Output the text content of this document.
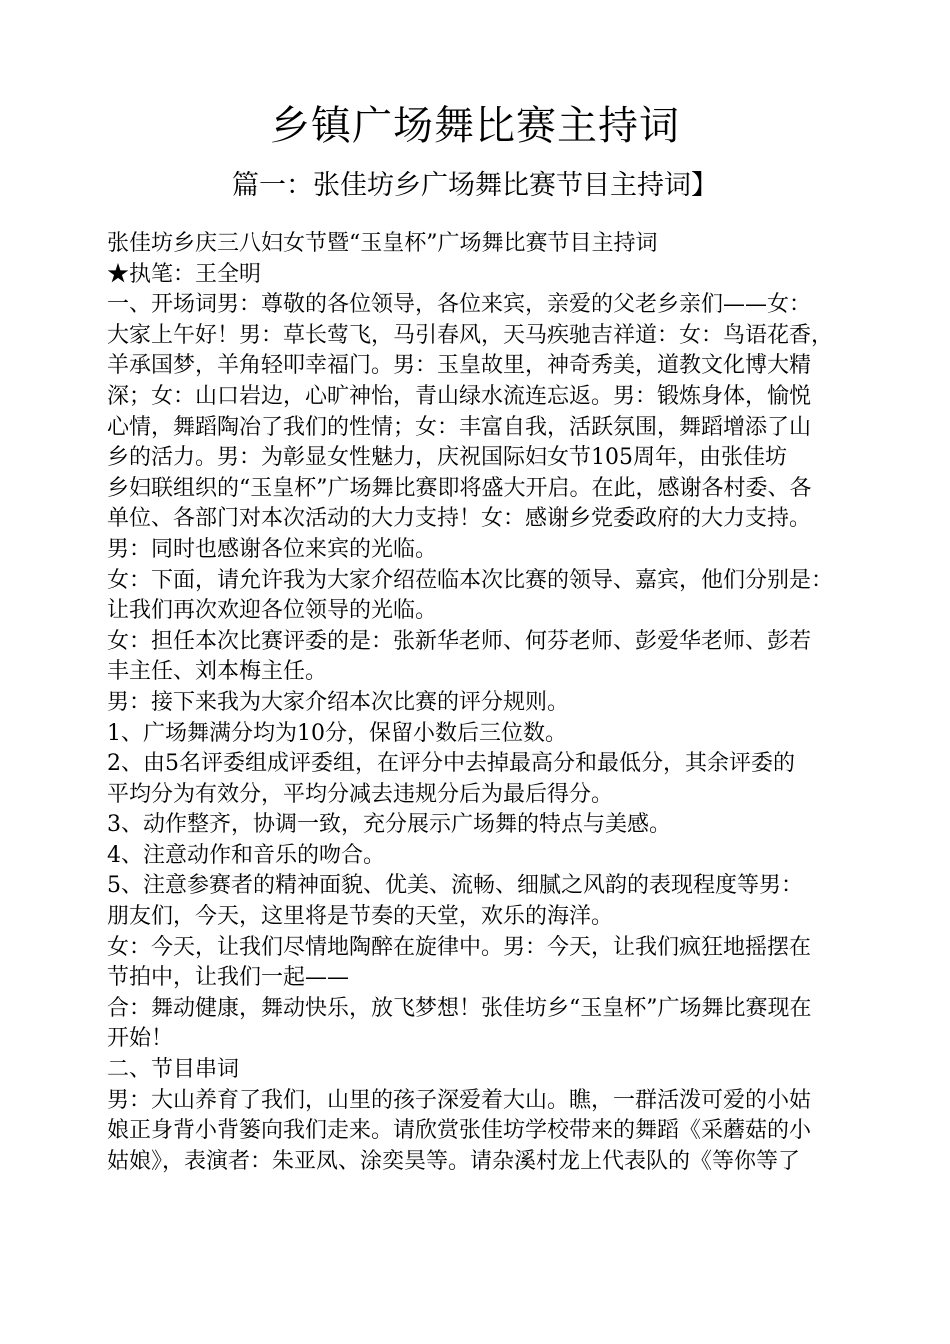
乡镇广场舞比赛主持词
篇一：张佳坊乡广场舞比赛节目主持词】
张佳坊乡庆三八妇女节暨“玉皇杯”广场舞比赛节目主持词
★执笔：王全明
一、开场词男：尊敬的各位领导，各位来宾，亲爱的父老乡亲们——女：
大家上午好！男：草长莺飞，马引春风，天马疾驰吉祥道：女：鸟语花香，
羊承国梦，羊角轻叩幸福门。男：玉皇故里，神奇秀美，道教文化博大精
深；女：山口岩边，心旷神怡，青山绿水流连忘返。男：锻炼身体，愉悦
心情，舞蹈陶冶了我们的性情；女：丰富自我，活跃氛围，舞蹈增添了山
乡的活力。男：为彰显女性魅力，庆祝国际妇女节105周年，由张佳坊
乡妇联组织的“玉皇杯”广场舞比赛即将盛大开启。在此，感谢各村委、各
单位、各部门对本次活动的大力支持！女：感谢乡党委政府的大力支持。
男：同时也感谢各位来宾的光临。
女：下面，请允许我为大家介绍莅临本次比赛的领导、嘉宾，他们分别是：
让我们再次欢迎各位领导的光临。
女：担任本次比赛评委的是：张新华老师、何芬老师、彭爱华老师、彭若
丰主任、刘本梅主任。
男：接下来我为大家介绍本次比赛的评分规则。
1、广场舞满分均为10分，保留小数后三位数。
2、由5名评委组成评委组，在评分中去掉最高分和最低分，其余评委的
平均分为有效分，平均分减去违规分后为最后得分。
3、动作整齐，协调一致，充分展示广场舞的特点与美感。
4、注意动作和音乐的吻合。
5、注意参赛者的精神面貌、优美、流畅、细腻之风韵的表现程度等男：
朋友们，今天，这里将是节奏的天堂，欢乐的海洋。
女：今天，让我们尽情地陶醉在旋律中。男：今天，让我们疯狂地摇摆在
节拍中，让我们一起——
合：舞动健康，舞动快乐，放飞梦想！张佳坊乡“玉皇杯”广场舞比赛现在
开始！
二、节目串词
男：大山养育了我们，山里的孩子深爱着大山。瞧，一群活泼可爱的小姑
娘正身背小背篓向我们走来。请欣赏张佳坊学校带来的舞蹈《采蘑菇的小
姑娘》，表演者：朱亚凤、涂奕昊等。请杂溪村龙上代表队的《等你等了
